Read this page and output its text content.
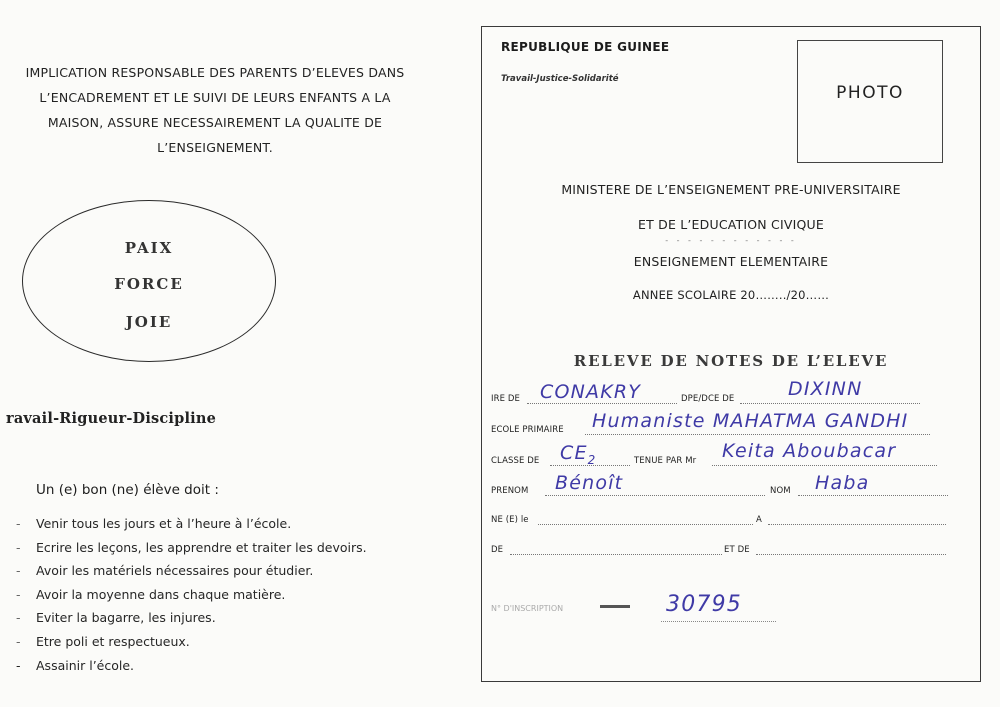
IMPLICATION RESPONSABLE DES PARENTS D’ELEVES DANS
L’ENCADREMENT ET LE SUIVI DE LEURS ENFANTS A LA
MAISON, ASSURE NECESSAIREMENT LA QUALITE DE
L’ENSEIGNEMENT.
PAIX
FORCE
JOIE
ravail-Rigueur-Discipline
Un (e) bon (ne) élève doit :
- Venir tous les jours et à l’heure à l’école.
- Ecrire les leçons, les apprendre et traiter les devoirs.
- Avoir les matériels nécessaires pour étudier.
- Avoir la moyenne dans chaque matière.
- Eviter la bagarre, les injures.
- Etre poli et respectueux.
- Assainir l’école.
REPUBLIQUE DE GUINEE
Travail-Justice-Solidarité
PHOTO
MINISTERE DE L’ENSEIGNEMENT PRE-UNIVERSITAIRE
ET DE L’EDUCATION CIVIQUE
- - - - - - - - - - - -
ENSEIGNEMENT ELEMENTAIRE
ANNEE SCOLAIRE 20……../20……
RELEVE DE NOTES DE L’ELEVE
IRE DE CONAKRY	DPE/DCE DE	DIXINN
ECOLE PRIMAIRE Humaniste MAHATMA GANDHI
CLASSE DE $CE_2$	TENUE PAR Mr Keita Aboubacar
PRENOM Bénoît	NOM Haba
NE (E) le	A
DE	ET DE
N° D'INSCRIPTION	30795
